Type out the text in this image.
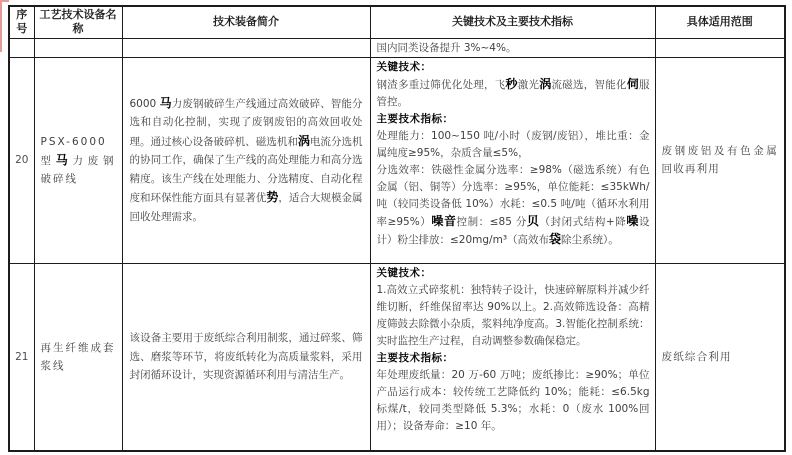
序号	工艺技术设备名称	技术装备简介	关键技术及主要技术指标	具体适用范围

			国内同类设备提升 3%~4%。	

20	PSX-6000 型马力废钢破碎线	6000 马力废钢破碎生产线通过高效破碎、智能分选和自动化控制，实现了废钢废铝的高效回收处理。通过核心设备破碎机、磁选机和涡电流分选机的协同工作，确保了生产线的高处理能力和高分选精度。该生产线在处理能力、分选精度、自动化程度和环保性能方面具有显著优势，适合大规模金属回收处理需求。	关键技术：
钢渣多重过筛优化处理，飞秒激光涡流磁选，智能化伺服管控。
主要技术指标：
处理能力：100~150 吨/小时（废钢/废铝），堆比重：金属纯度≥95%，杂质含量≤5%，
分选效率：铁磁性金属分选率：≥98%（磁选系统）有色金属（铝、铜等）分选率：≥95%，单位能耗：≤35kWh/吨（较同类设备低 10%）水耗：≤0.5 吨/吨（循环水利用率≥95%）噪音控制：≤85 分贝（封闭式结构+降噪设计）粉尘排放：≤20mg/m³（高效布袋除尘系统）。	废钢废铝及有色金属回收再利用
21	再生纤维成套浆线	该设备主要用于废纸综合利用制浆，通过碎浆、筛选、磨浆等环节，将废纸转化为高质量浆料，采用封闭循环设计，实现资源循环利用与清洁生产。	关键技术：
1.高效立式碎浆机：独特转子设计，快速碎解原料并减少纤维切断，纤维保留率达 90%以上。2.高效筛选设备：高精度筛鼓去除微小杂质，浆料纯净度高。3.智能化控制系统：实时监控生产过程，自动调整参数确保稳定。
主要技术指标：
年处理废纸量：20 万-60 万吨；废纸掺比：≥90%；单位产品运行成本：较传统工艺降低约 10%；能耗：≤6.5kg 标煤/t，较同类型降低 5.3%；水耗：0（废水 100%回用）；设备寿命：≥10 年。	废纸综合利用
